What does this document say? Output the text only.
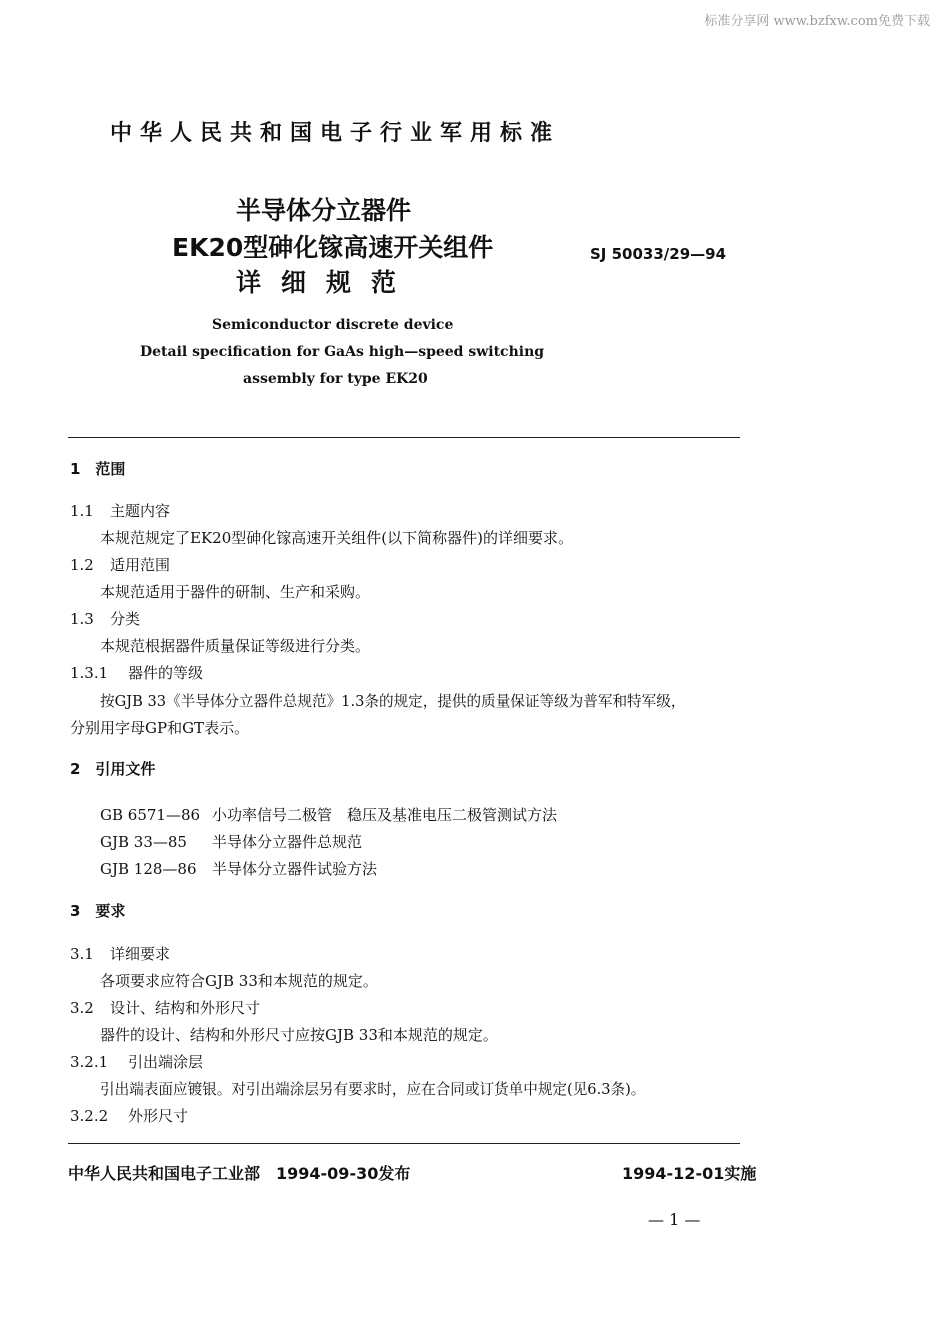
标准分享网 www.bzfxw.com免费下载
中华人民共和国电子行业军用标准
半导体分立器件
EK20型砷化镓高速开关组件
详细规范
SJ 50033/29—94
Semiconductor discrete device
Detail specification for GaAs high—speed switching
assembly for type EK20
1　范围
1.1 主题内容
本规范规定了EK20型砷化镓高速开关组件(以下简称器件)的详细要求。
1.2 适用范围
本规范适用于器件的研制、生产和采购。
1.3 分类
本规范根据器件质量保证等级进行分类。
1.3.1 器件的等级
按GJB 33《半导体分立器件总规范》1.3条的规定，提供的质量保证等级为普军和特军级，
分别用字母GP和GT表示。
2　引用文件
GB 6571—86 小功率信号二极管　稳压及基准电压二极管测试方法
GJB 33—85 半导体分立器件总规范
GJB 128—86 半导体分立器件试验方法
3　要求
3.1 详细要求
各项要求应符合GJB 33和本规范的规定。
3.2 设计、结构和外形尺寸
器件的设计、结构和外形尺寸应按GJB 33和本规范的规定。
3.2.1 引出端涂层
引出端表面应镀银。对引出端涂层另有要求时，应在合同或订货单中规定(见6.3条)。
3.2.2 外形尺寸
中华人民共和国电子工业部　1994-09-30发布	1994-12-01实施
— 1 —
